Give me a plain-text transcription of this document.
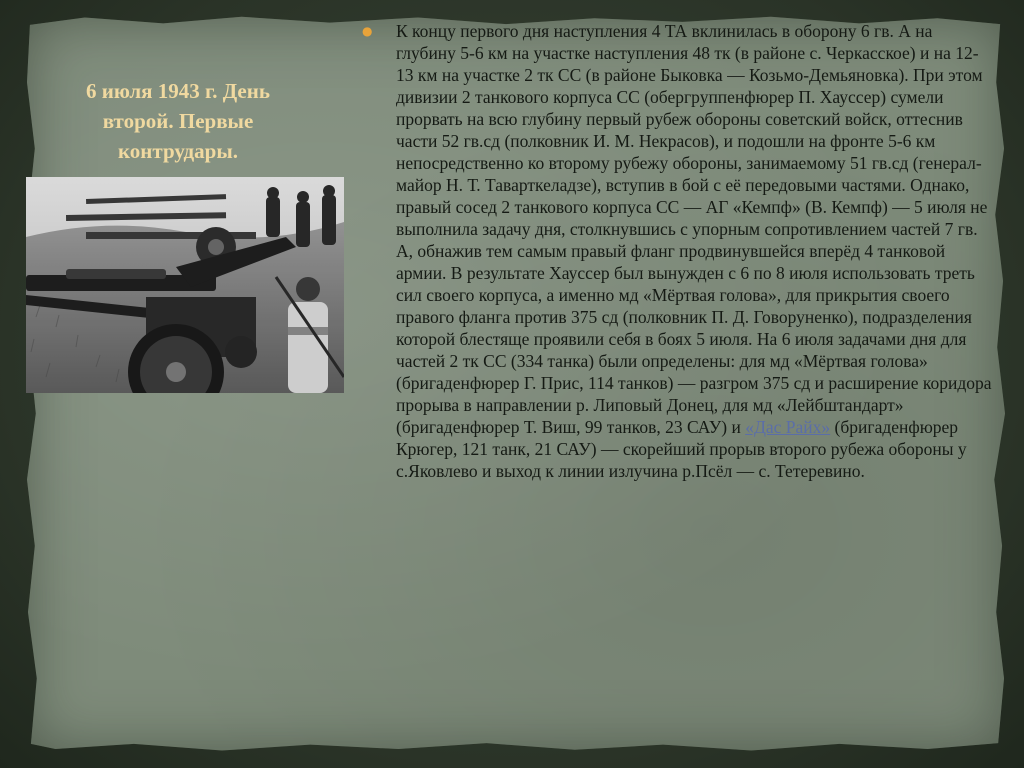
6 июля 1943 г. День второй. Первые контрудары.
● К концу первого дня наступления 4 ТА вклинилась в оборону 6 гв. А на глубину 5-6 км на участке наступления 48 тк (в районе с. Черкасское) и на 12-13 км на участке 2 тк СС (в районе Быковка — Козьмо-Демьяновка). При этом дивизии 2 танкового корпуса СС (обергруппенфюрер П. Хауссер) сумели прорвать на всю глубину первый рубеж обороны советский войск, оттеснив части 52 гв.сд (полковник И. М. Некрасов), и подошли на фронте 5-6 км непосредственно ко второму рубежу обороны, занимаемому 51 гв.сд (генерал-майор Н. Т. Таварткеладзе), вступив в бой с её передовыми частями. Однако, правый сосед 2 танкового корпуса СС — АГ «Кемпф» (В. Кемпф) — 5 июля не выполнила задачу дня, столкнувшись с упорным сопротивлением частей 7 гв. А, обнажив тем самым правый фланг продвинувшейся вперёд 4 танковой армии. В результате Хауссер был вынужден с 6 по 8 июля использовать треть сил своего корпуса, а именно мд «Мёртвая голова», для прикрытия своего правого фланга против 375 сд (полковник П. Д. Говоруненко), подразделения которой блестяще проявили себя в боях 5 июля. На 6 июля задачами дня для частей 2 тк СС (334 танка) были определены: для мд «Мёртвая голова» (бригаденфюрер Г. Прис, 114 танков) — разгром 375 сд и расширение коридора прорыва в направлении р. Липовый Донец, для мд «Лейбштандарт» (бригаденфюрер Т. Виш, 99 танков, 23 САУ) и «Дас Райх» (бригаденфюрер Крюгер, 121 танк, 21 САУ) — скорейший прорыв второго рубежа обороны у с.Яковлево и выход к линии излучина р.Псёл — с. Тетеревино.
